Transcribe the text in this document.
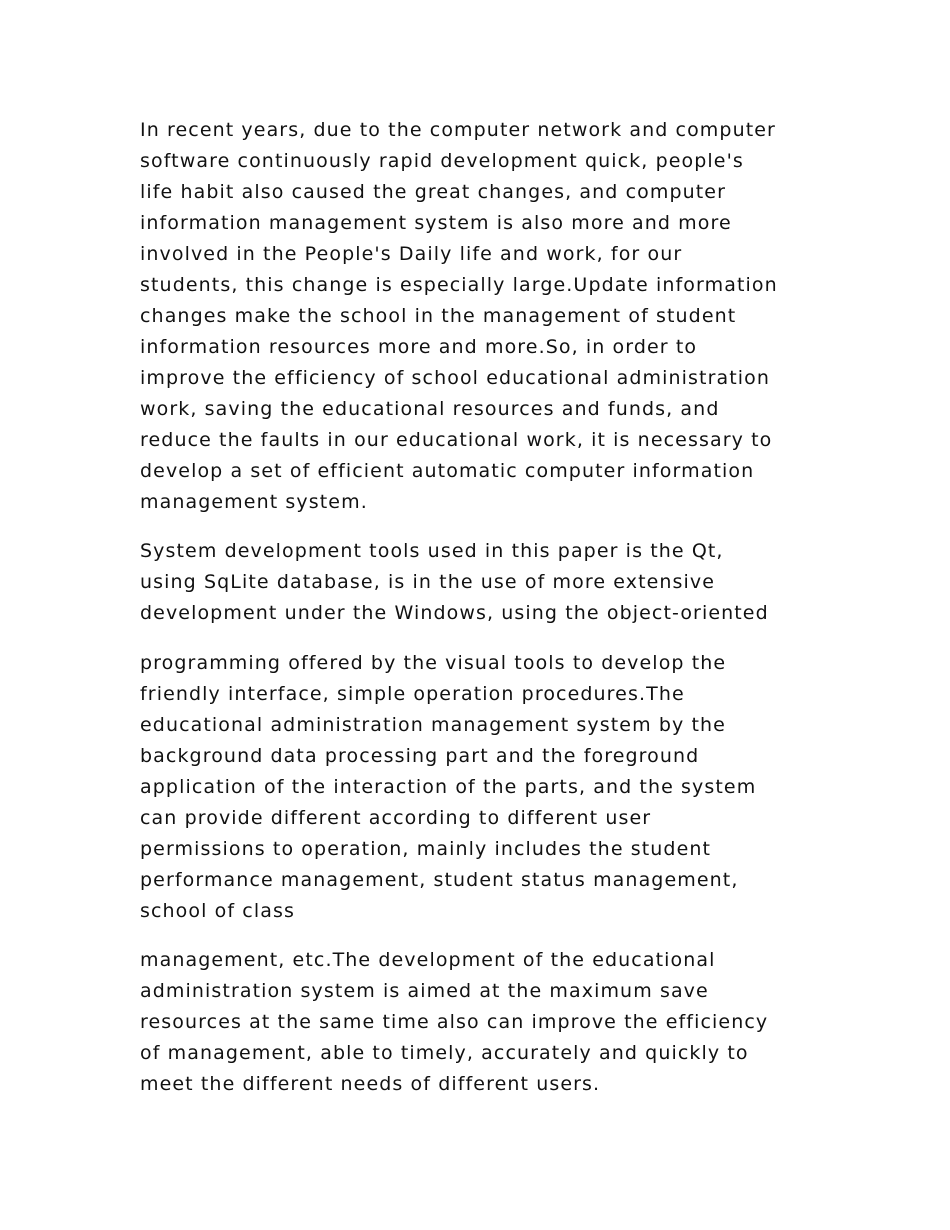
In recent years, due to the computer network and computer
software continuously rapid development quick, people's
life habit also caused the great changes, and computer
information management system is also more and more
involved in the People's Daily life and work, for our
students, this change is especially large.Update information
changes make the school in the management of student
information resources more and more.So, in order to
improve the efficiency of school educational administration
work, saving the educational resources and funds, and
reduce the faults in our educational work, it is necessary to
develop a set of efficient automatic computer information
management system.

System development tools used in this paper is the Qt,
using SqLite database, is in the use of more extensive
development under the Windows, using the object-oriented

programming offered by the visual tools to develop the
friendly interface, simple operation procedures.The
educational administration management system by the
background data processing part and the foreground
application of the interaction of the parts, and the system
can provide different according to different user
permissions to operation, mainly includes the student
performance management, student status management,
school of class

management, etc.The development of the educational
administration system is aimed at the maximum save
resources at the same time also can improve the efficiency
of management, able to timely, accurately and quickly to
meet the different needs of different users.
